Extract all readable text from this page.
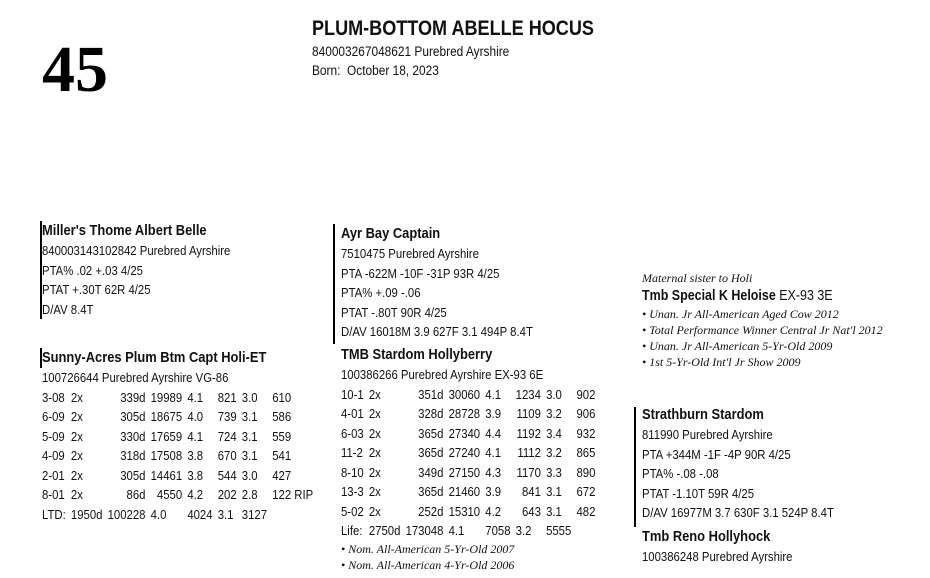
45
PLUM-BOTTOM ABELLE HOCUS
840003267048621 Purebred Ayrshire
Born: October 18, 2023
Miller's Thome Albert Belle
840003143102842 Purebred Ayrshire
PTA% .02 +.03 4/25
PTAT +.30T 62R 4/25
D/AV 8.4T
Sunny-Acres Plum Btm Capt Holi-ET
100726644 Purebred Ayrshire VG-86
3-08	2x	339d	19989	4.1	821	3.0	610
6-09	2x	305d	18675	4.0	739	3.1	586
5-09	2x	330d	17659	4.1	724	3.1	559
4-09	2x	318d	17508	3.8	670	3.1	541
2-01	2x	305d	14461	3.8	544	3.0	427
8-01	2x	86d	4550	4.2	202	2.8	122 RIP
LTD:	1950d	100228	4.0	4024	3.1	3127	
Ayr Bay Captain
7510475 Purebred Ayrshire
PTA -622M -10F -31P 93R 4/25
PTA% +.09 -.06
PTAT -.80T 90R 4/25
D/AV 16018M 3.9 627F 3.1 494P 8.4T
TMB Stardom Hollyberry
100386266 Purebred Ayrshire EX-93 6E
10-1	2x	351d	30060	4.1	1234	3.0	902
4-01	2x	328d	28728	3.9	1109	3.2	906
6-03	2x	365d	27340	4.4	1192	3.4	932
11-2	2x	365d	27240	4.1	1112	3.2	865
8-10	2x	349d	27150	4.3	1170	3.3	890
13-3	2x	365d	21460	3.9	841	3.1	672
5-02	2x	252d	15310	4.2	643	3.1	482
Life:	2750d	173048	4.1	7058	3.2	5555	
• Nom. All-American 5-Yr-Old 2007
• Nom. All-American 4-Yr-Old 2006
Maternal sister to Holi
Tmb Special K Heloise EX-93 3E
• Unan. Jr All-American Aged Cow 2012
• Total Performance Winner Central Jr Nat'l 2012
• Unan. Jr All-American 5-Yr-Old 2009
• 1st 5-Yr-Old Int'l Jr Show 2009
Strathburn Stardom
811990 Purebred Ayrshire
PTA +344M -1F -4P 90R 4/25
PTA% -.08 -.08
PTAT -1.10T 59R 4/25
D/AV 16977M 3.7 630F 3.1 524P 8.4T
Tmb Reno Hollyhock
100386248 Purebred Ayrshire
